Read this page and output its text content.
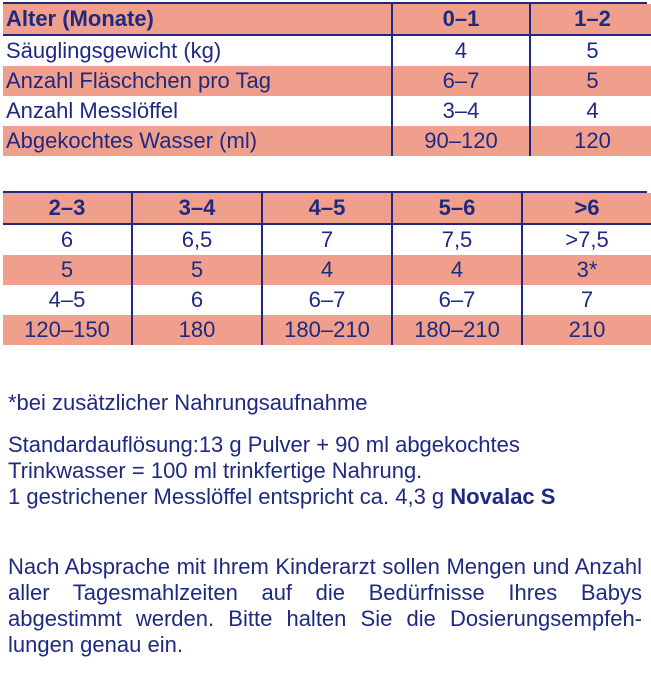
Alter (Monate)	0–1	1–2
Säuglingsgewicht (kg)	4	5
Anzahl Fläschchen pro Tag	6–7	5
Anzahl Messlöffel	3–4	4
Abgekochtes Wasser (ml)	90–120	120
2–3	3–4	4–5	5–6	>6
6	6,5	7	7,5	>7,5
5	5	4	4	3*
4–5	6	6–7	6–7	7
120–150	180	180–210	180–210	210

*bei zusätzlicher Nahrungsaufnahme

Standardauflösung:13 g Pulver + 90 ml abgekochtes
Trinkwasser = 100 ml trinkfertige Nahrung.
1 gestrichener Messlöffel entspricht ca. 4,3 g Novalac S

Nach Absprache mit Ihrem Kinderarzt sollen Mengen und Anzahl aller Tagesmahlzeiten auf die Bedürfnisse Ihres Babys abgestimmt werden. Bitte halten Sie die Dosierungsempfeh-lungen genau ein.
